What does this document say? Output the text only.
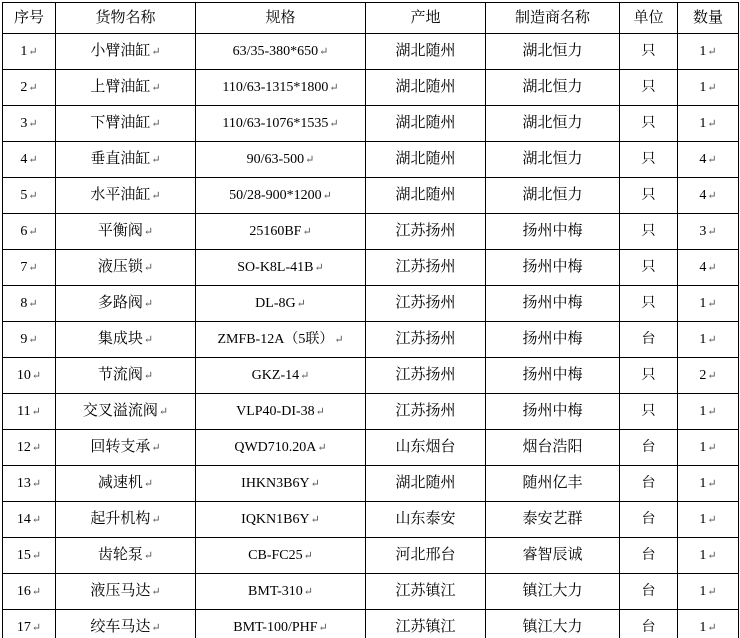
序号	货物名称	规格	产地	制造商名称	单位	数量

1 ↵	小臂油缸 ↵	63/35-380*650 ↵	湖北随州	湖北恒力	只	1 ↵

2 ↵	上臂油缸 ↵	110/63-1315*1800 ↵	湖北随州	湖北恒力	只	1 ↵

3 ↵	下臂油缸 ↵	110/63-1076*1535 ↵	湖北随州	湖北恒力	只	1 ↵

4 ↵	垂直油缸 ↵	90/63-500 ↵	湖北随州	湖北恒力	只	4 ↵

5 ↵	水平油缸 ↵	50/28-900*1200 ↵	湖北随州	湖北恒力	只	4 ↵

6 ↵	平衡阀 ↵	25160BF ↵	江苏扬州	扬州中梅	只	3 ↵

7 ↵	液压锁 ↵	SO-K8L-41B ↵	江苏扬州	扬州中梅	只	4 ↵

8 ↵	多路阀 ↵	DL-8G ↵	江苏扬州	扬州中梅	只	1 ↵

9 ↵	集成块 ↵	ZMFB-12A（5联） ↵	江苏扬州	扬州中梅	台	1 ↵

10 ↵	节流阀 ↵	GKZ-14 ↵	江苏扬州	扬州中梅	只	2 ↵

11 ↵	交叉溢流阀 ↵	VLP40-DI-38 ↵	江苏扬州	扬州中梅	只	1 ↵

12 ↵	回转支承 ↵	QWD710.20A ↵	山东烟台	烟台浩阳	台	1 ↵

13 ↵	减速机 ↵	IHKN3B6Y ↵	湖北随州	随州亿丰	台	1 ↵

14 ↵	起升机构 ↵	IQKN1B6Y ↵	山东泰安	泰安艺群	台	1 ↵

15 ↵	齿轮泵 ↵	CB-FC25 ↵	河北邢台	睿智辰诚	台	1 ↵

16 ↵	液压马达 ↵	BMT-310 ↵	江苏镇江	镇江大力	台	1 ↵

17 ↵	绞车马达 ↵	BMT-100/PHF ↵	江苏镇江	镇江大力	台	1 ↵
